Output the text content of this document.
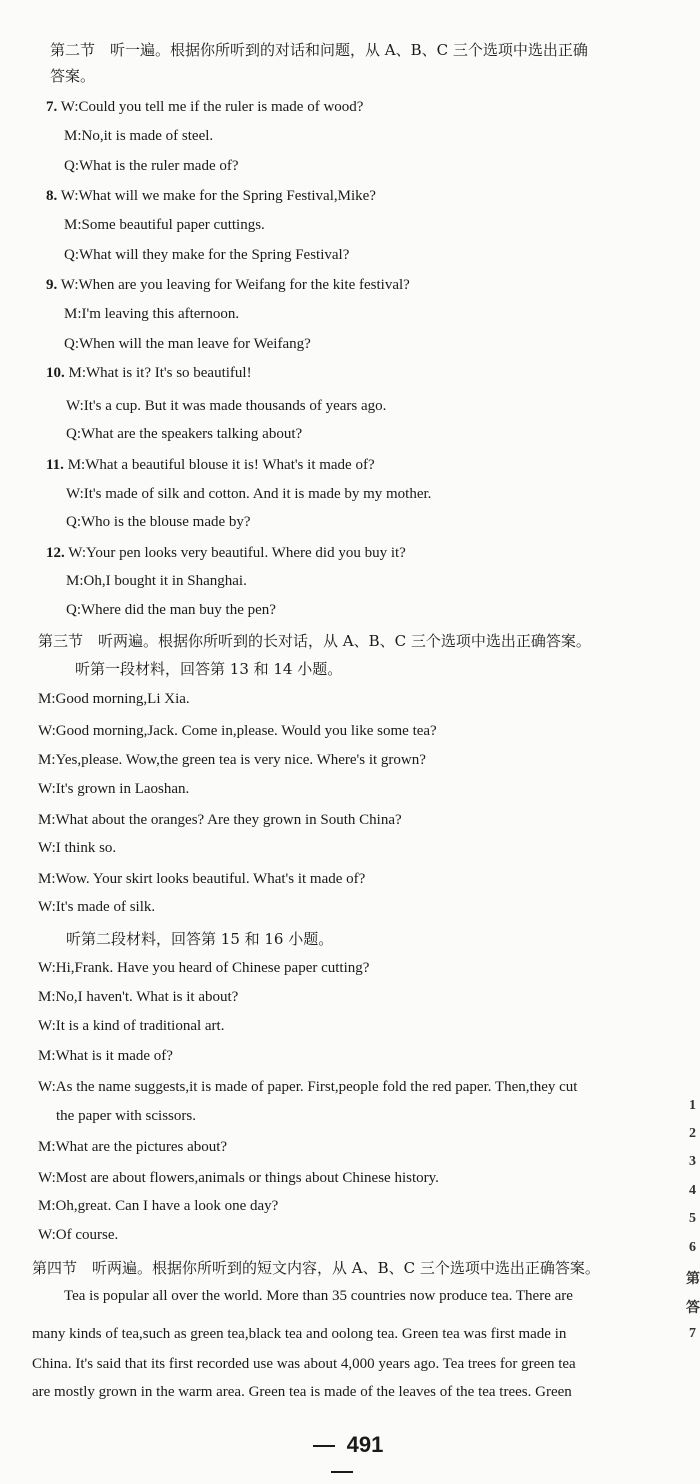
第二节　听一遍。根据你所听到的对话和问题，从 A、B、C 三个选项中选出正确
答案。
7. W:Could you tell me if the ruler is made of wood?
M:No,it is made of steel.
Q:What is the ruler made of?
8. W:What will we make for the Spring Festival,Mike?
M:Some beautiful paper cuttings.
Q:What will they make for the Spring Festival?
9. W:When are you leaving for Weifang for the kite festival?
M:I'm leaving this afternoon.
Q:When will the man leave for Weifang?
10. M:What is it? It's so beautiful!
W:It's a cup. But it was made thousands of years ago.
Q:What are the speakers talking about?
11. M:What a beautiful blouse it is! What's it made of?
W:It's made of silk and cotton. And it is made by my mother.
Q:Who is the blouse made by?
12. W:Your pen looks very beautiful. Where did you buy it?
M:Oh,I bought it in Shanghai.
Q:Where did the man buy the pen?
第三节　听两遍。根据你所听到的长对话，从 A、B、C 三个选项中选出正确答案。
听第一段材料，回答第 13 和 14 小题。
M:Good morning,Li Xia.
W:Good morning,Jack. Come in,please. Would you like some tea?
M:Yes,please. Wow,the green tea is very nice. Where's it grown?
W:It's grown in Laoshan.
M:What about the oranges? Are they grown in South China?
W:I think so.
M:Wow. Your skirt looks beautiful. What's it made of?
W:It's made of silk.
听第二段材料，回答第 15 和 16 小题。
W:Hi,Frank. Have you heard of Chinese paper cutting?
M:No,I haven't. What is it about?
W:It is a kind of traditional art.
M:What is it made of?
W:As the name suggests,it is made of paper. First,people fold the red paper. Then,they cut
the paper with scissors.
M:What are the pictures about?
W:Most are about flowers,animals or things about Chinese history.
M:Oh,great. Can I have a look one day?
W:Of course.
第四节　听两遍。根据你所听到的短文内容，从 A、B、C 三个选项中选出正确答案。
Tea is popular all over the world. More than 35 countries now produce tea. There are
many kinds of tea,such as green tea,black tea and oolong tea. Green tea was first made in
China. It's said that its first recorded use was about 4,000 years ago. Tea trees for green tea
are mostly grown in the warm area. Green tea is made of the leaves of the tea trees. Green
491
1
2
3
4
5
6
第
答
7
